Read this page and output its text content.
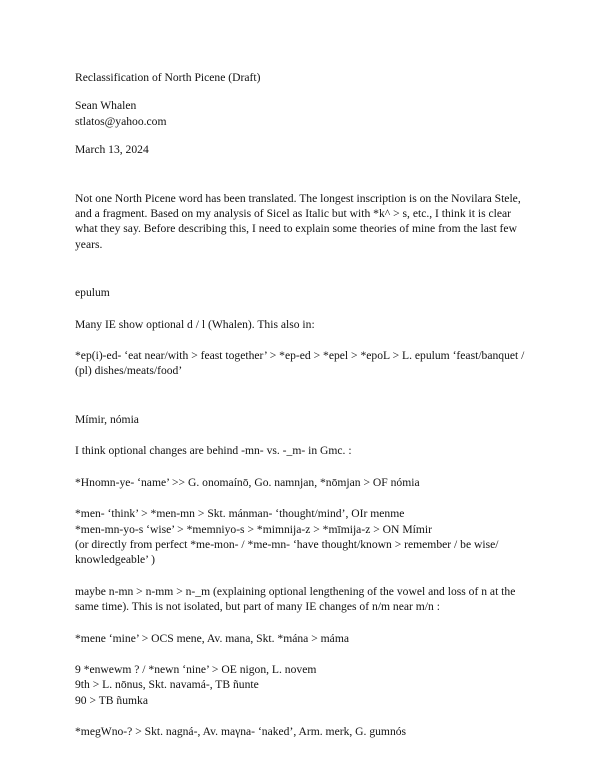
Reclassification of North Picene (Draft)
Sean Whalen
stlatos@yahoo.com
March 13, 2024
Not one North Picene word has been translated. The longest inscription is on the Novilara Stele,
and a fragment. Based on my analysis of Sicel as Italic but with *k^ > s, etc., I think it is clear
what they say. Before describing this, I need to explain some theories of mine from the last few
years.
epulum
Many IE show optional d / l (Whalen). This also in:
*ep(i)-ed- ‘eat near/with > feast together’ > *ep-ed > *epel > *epoL > L. epulum ‘feast/banquet /
(pl) dishes/meats/food’
Mímir, nómia
I think optional changes are behind -mn- vs. -_m- in Gmc. :
*Hnomn-ye- ‘name’ >> G. onomaínō, Go. namnjan, *nōmjan > OF nómia
*men- ‘think’ > *men-mn > Skt. mánman- ‘thought/mind’, OIr menme
*men-mn-yo-s ‘wise’ > *memniyo-s > *mimnija-z > *mīmija-z > ON Mímir
(or directly from perfect *me-mon- / *me-mn- ‘have thought/known > remember / be wise/
knowledgeable’ )
maybe n-mn > n-mm > n-_m (explaining optional lengthening of the vowel and loss of n at the
same time). This is not isolated, but part of many IE changes of n/m near m/n :
*mene ‘mine’ > OCS mene, Av. mana, Skt. *mána > máma
9 *enwewm ? / *newn ‘nine’ > OE nigon, L. novem
9th > L. nōnus, Skt. navamá-, TB ñunte
90 > TB ñumka
*megWno-? > Skt. nagná-, Av. maγna- ‘naked’, Arm. merk, G. gumnós
